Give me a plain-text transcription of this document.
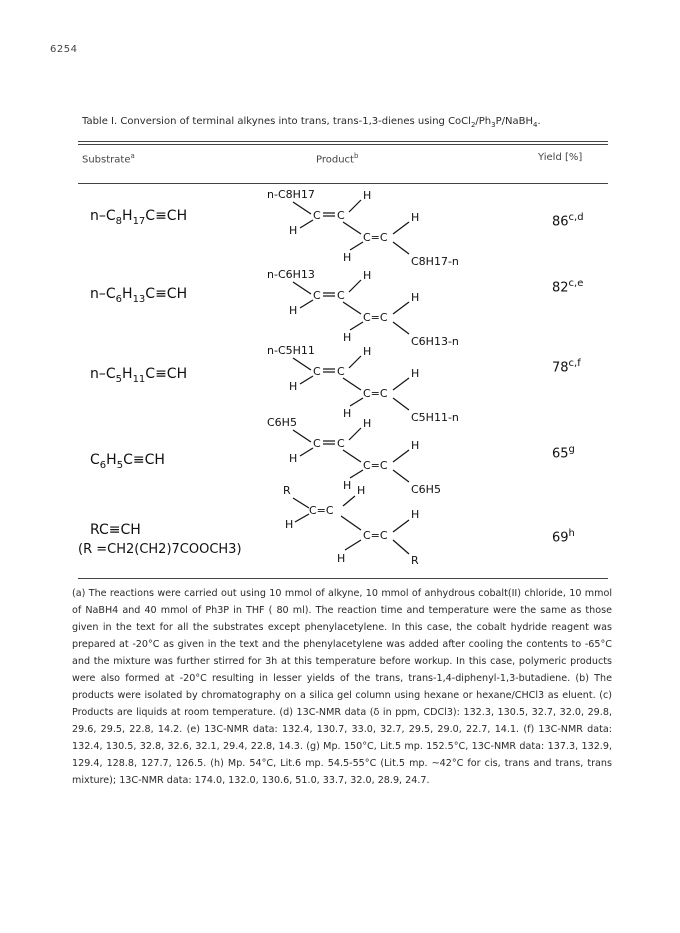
6254
Table I. Conversion of terminal alkynes into trans, trans-1,3-dienes using $CoCl_2/Ph_3P/NaBH_4$.
Substrate$^a$	Product$^b$	Yield [%]
$n-C_8H_{17}C\equiv CH$
n-C8H17	H
C C
H
H
C=C
H	C8H17-n
86$^{c,d}$
$n-C_6H_{13}C\equiv CH$
n-C6H13	H
C C
H
H
C=C
H	C6H13-n
82$^{c,e}$
$n-C_5H_{11}C\equiv CH$
n-C5H11	H
C C
H
H
C=C
H	C5H11-n
78$^{c,f}$
$C_6H_5C\equiv CH$
C6H5	H
C C
H
H
C=C
H	C6H5
65$^g$
RC≡CH
(R =CH2(CH2)7COOCH3)
R	H
C=C
H
H
C=C
H	R
69$^h$

(a) The reactions were carried out using 10 mmol of alkyne, 10 mmol of anhydrous cobalt(II) chloride, 10 mmol of NaBH4 and 40 mmol of Ph3P in THF ( 80 ml). The reaction time and temperature were the same as those given in the text for all the substrates except phenylacetylene. In this case, the cobalt hydride reagent was prepared at -20°C as given in the text and the phenylacetylene was added after cooling the contents to -65°C and the mixture was further stirred for 3h at this temperature before workup. In this case, polymeric products were also formed at -20°C resulting in lesser yields of the trans, trans-1,4-diphenyl-1,3-butadiene. (b) The products were isolated by chromatography on a silica gel column using hexane or hexane/CHCl3 as eluent. (c) Products are liquids at room temperature. (d) 13C-NMR data (δ in ppm, CDCl3): 132.3, 130.5, 32.7, 32.0, 29.8, 29.6, 29.5, 22.8, 14.2. (e) 13C-NMR data: 132.4, 130.7, 33.0, 32.7, 29.5, 29.0, 22.7, 14.1. (f) 13C-NMR data: 132.4, 130.5, 32.8, 32.6, 32.1, 29.4, 22.8, 14.3. (g) Mp. 150°C, Lit.5 mp. 152.5°C, 13C-NMR data: 137.3, 132.9, 129.4, 128.8, 127.7, 126.5. (h) Mp. 54°C, Lit.6 mp. 54.5-55°C (Lit.5 mp. ~42°C for cis, trans and trans, trans mixture); 13C-NMR data: 174.0, 132.0, 130.6, 51.0, 33.7, 32.0, 28.9, 24.7.
